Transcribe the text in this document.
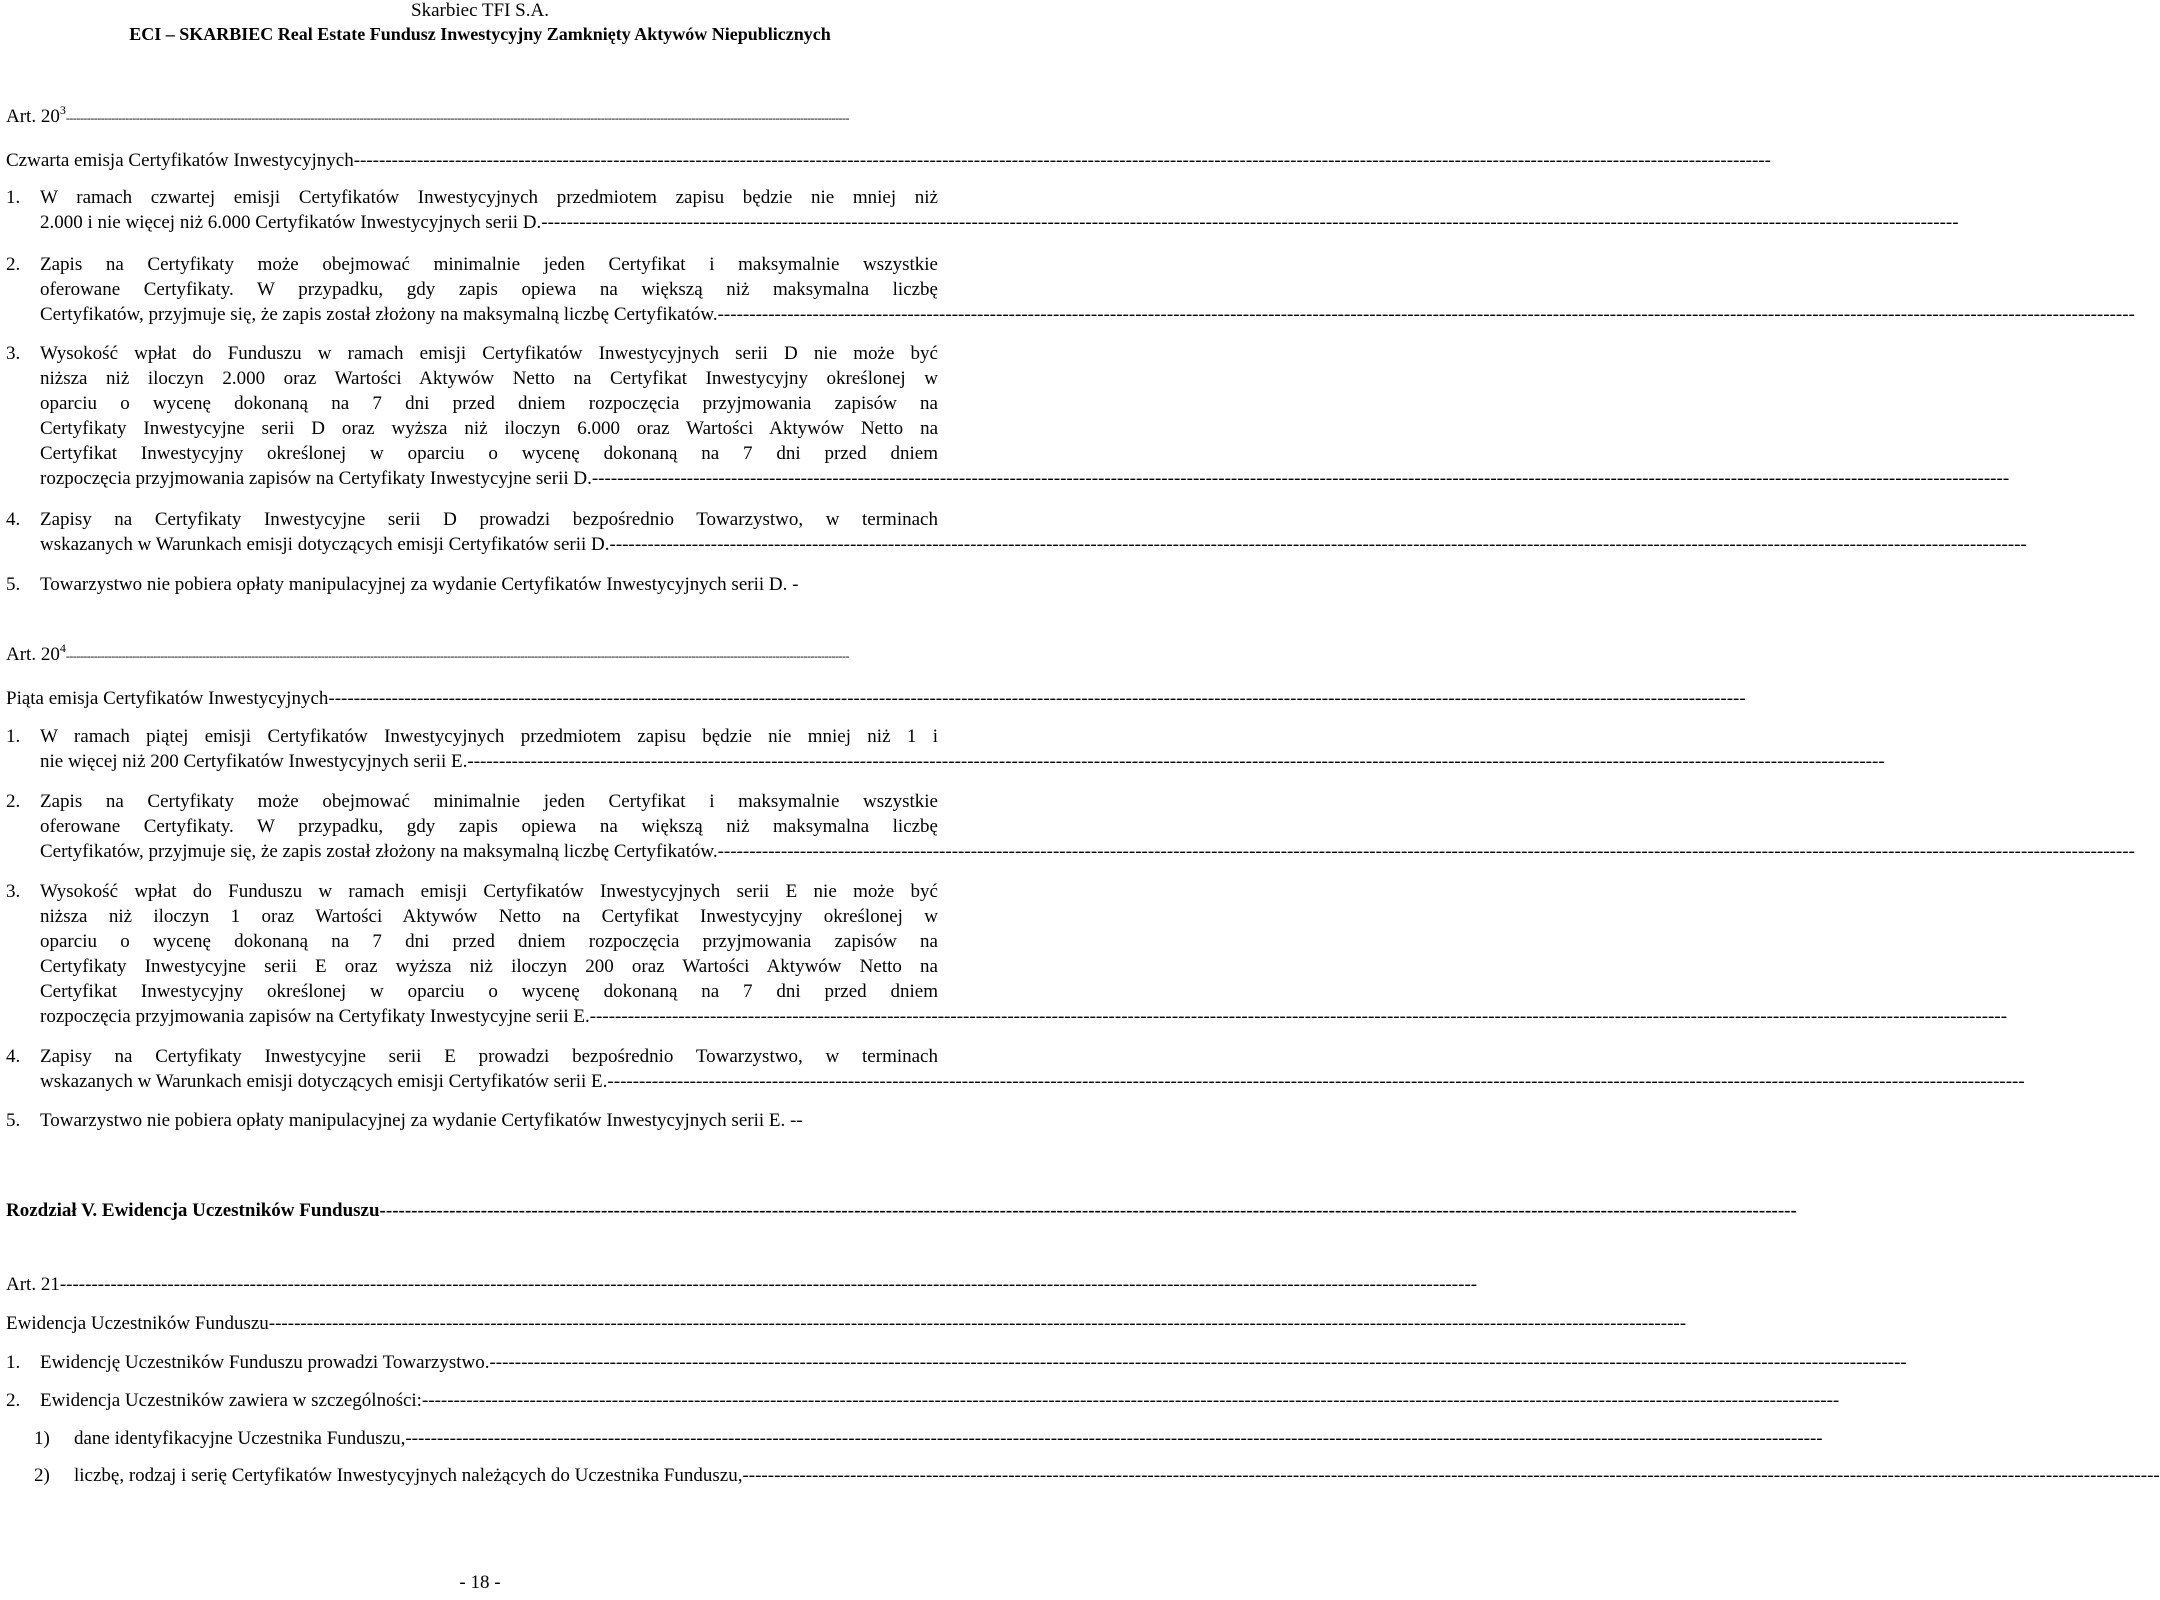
Skarbiec TFI S.A.
ECI – SKARBIEC Real Estate Fundusz Inwestycyjny Zamknięty Aktywów Niepublicznych
Art. $20^3$
--------------------------------------------------------------------------------------------------------------------------------------------------------------------------------------------------------------------------------
Czwarta emisja Certyfikatów Inwestycyjnych --------------------------------------------------------------------------------------------------------------------------------------------------------------------------------------------------------------------------------
1. W ramach czwartej emisji Certyfikatów Inwestycyjnych przedmiotem zapisu będzie nie mniej niż
2.000 i nie więcej niż 6.000 Certyfikatów Inwestycyjnych serii D. --------------------------------------------------------------------------------------------------------------------------------------------------------------------------------------------------------------------------------
2. Zapis na Certyfikaty może obejmować minimalnie jeden Certyfikat i maksymalnie wszystkie
oferowane Certyfikaty. W przypadku, gdy zapis opiewa na większą niż maksymalna liczbę
Certyfikatów, przyjmuje się, że zapis został złożony na maksymalną liczbę Certyfikatów. --------------------------------------------------------------------------------------------------------------------------------------------------------------------------------------------------------------------------------
3. Wysokość wpłat do Funduszu w ramach emisji Certyfikatów Inwestycyjnych serii D nie może być
niższa niż iloczyn 2.000 oraz Wartości Aktywów Netto na Certyfikat Inwestycyjny określonej w
oparciu o wycenę dokonaną na 7 dni przed dniem rozpoczęcia przyjmowania zapisów na
Certyfikaty Inwestycyjne serii D oraz wyższa niż iloczyn 6.000 oraz Wartości Aktywów Netto na
Certyfikat Inwestycyjny określonej w oparciu o wycenę dokonaną na 7 dni przed dniem
rozpoczęcia przyjmowania zapisów na Certyfikaty Inwestycyjne serii D. --------------------------------------------------------------------------------------------------------------------------------------------------------------------------------------------------------------------------------
4. Zapisy na Certyfikaty Inwestycyjne serii D prowadzi bezpośrednio Towarzystwo, w terminach
wskazanych w Warunkach emisji dotyczących emisji Certyfikatów serii D. --------------------------------------------------------------------------------------------------------------------------------------------------------------------------------------------------------------------------------
5. Towarzystwo nie pobiera opłaty manipulacyjnej za wydanie Certyfikatów Inwestycyjnych serii D. -
Art. $20^4$
--------------------------------------------------------------------------------------------------------------------------------------------------------------------------------------------------------------------------------
Piąta emisja Certyfikatów Inwestycyjnych --------------------------------------------------------------------------------------------------------------------------------------------------------------------------------------------------------------------------------
1. W ramach piątej emisji Certyfikatów Inwestycyjnych przedmiotem zapisu będzie nie mniej niż 1 i
nie więcej niż 200 Certyfikatów Inwestycyjnych serii E. --------------------------------------------------------------------------------------------------------------------------------------------------------------------------------------------------------------------------------
2. Zapis na Certyfikaty może obejmować minimalnie jeden Certyfikat i maksymalnie wszystkie
oferowane Certyfikaty. W przypadku, gdy zapis opiewa na większą niż maksymalna liczbę
Certyfikatów, przyjmuje się, że zapis został złożony na maksymalną liczbę Certyfikatów. --------------------------------------------------------------------------------------------------------------------------------------------------------------------------------------------------------------------------------
3. Wysokość wpłat do Funduszu w ramach emisji Certyfikatów Inwestycyjnych serii E nie może być
niższa niż iloczyn 1 oraz Wartości Aktywów Netto na Certyfikat Inwestycyjny określonej w
oparciu o wycenę dokonaną na 7 dni przed dniem rozpoczęcia przyjmowania zapisów na
Certyfikaty Inwestycyjne serii E oraz wyższa niż iloczyn 200 oraz Wartości Aktywów Netto na
Certyfikat Inwestycyjny określonej w oparciu o wycenę dokonaną na 7 dni przed dniem
rozpoczęcia przyjmowania zapisów na Certyfikaty Inwestycyjne serii E. --------------------------------------------------------------------------------------------------------------------------------------------------------------------------------------------------------------------------------
4. Zapisy na Certyfikaty Inwestycyjne serii E prowadzi bezpośrednio Towarzystwo, w terminach
wskazanych w Warunkach emisji dotyczących emisji Certyfikatów serii E. --------------------------------------------------------------------------------------------------------------------------------------------------------------------------------------------------------------------------------
5. Towarzystwo nie pobiera opłaty manipulacyjnej za wydanie Certyfikatów Inwestycyjnych serii E. --
Rozdział V. Ewidencja Uczestników Funduszu --------------------------------------------------------------------------------------------------------------------------------------------------------------------------------------------------------------------------------
Art. 21 --------------------------------------------------------------------------------------------------------------------------------------------------------------------------------------------------------------------------------
Ewidencja Uczestników Funduszu --------------------------------------------------------------------------------------------------------------------------------------------------------------------------------------------------------------------------------
1. Ewidencję Uczestników Funduszu prowadzi Towarzystwo. --------------------------------------------------------------------------------------------------------------------------------------------------------------------------------------------------------------------------------
2. Ewidencja Uczestników zawiera w szczególności: --------------------------------------------------------------------------------------------------------------------------------------------------------------------------------------------------------------------------------
1) dane identyfikacyjne Uczestnika Funduszu, --------------------------------------------------------------------------------------------------------------------------------------------------------------------------------------------------------------------------------
2) liczbę, rodzaj i serię Certyfikatów Inwestycyjnych należących do Uczestnika Funduszu, --------------------------------------------------------------------------------------------------------------------------------------------------------------------------------------------------------------------------------
- 18 -
